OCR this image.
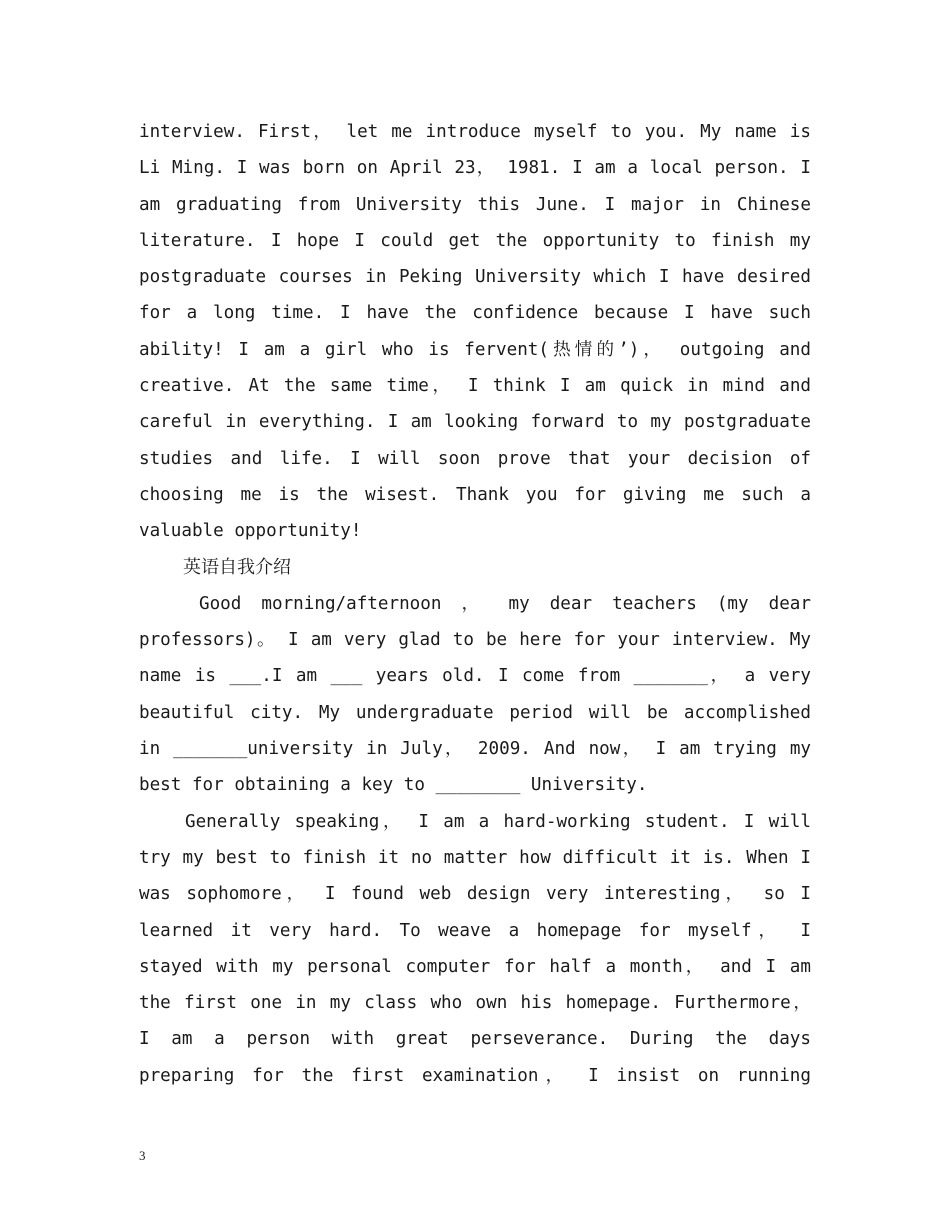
interview. First， let me introduce myself to you. My name is
Li Ming. I was born on April 23， 1981. I am a local person. I
am graduating from University this June. I major in Chinese
literature. I hope I could get the opportunity to finish my
postgraduate courses in Peking University which I have desired
for a long time. I have the confidence because I have such
ability! I am a girl who is fervent(热情的’)， outgoing and
creative. At the same time， I think I am quick in mind and
careful in everything. I am looking forward to my postgraduate
studies and life. I will soon prove that your decision of
choosing me is the wisest. Thank you for giving me such a
valuable opportunity!
英语自我介绍
Good morning/afternoon ， my dear teachers (my dear
professors)。 I am very glad to be here for your interview. My
name is ___.I am ___ years old. I come from _______， a very
beautiful city. My undergraduate period will be accomplished
in _______university in July， 2009. And now， I am trying my
best for obtaining a key to ________ University.
Generally speaking， I am a hard-working student. I will
try my best to finish it no matter how difficult it is. When I
was sophomore， I found web design very interesting， so I
learned it very hard. To weave a homepage for myself， I
stayed with my personal computer for half a month， and I am
the first one in my class who own his homepage. Furthermore，
I am a person with great perseverance. During the days
preparing for the first examination， I insist on running
3
